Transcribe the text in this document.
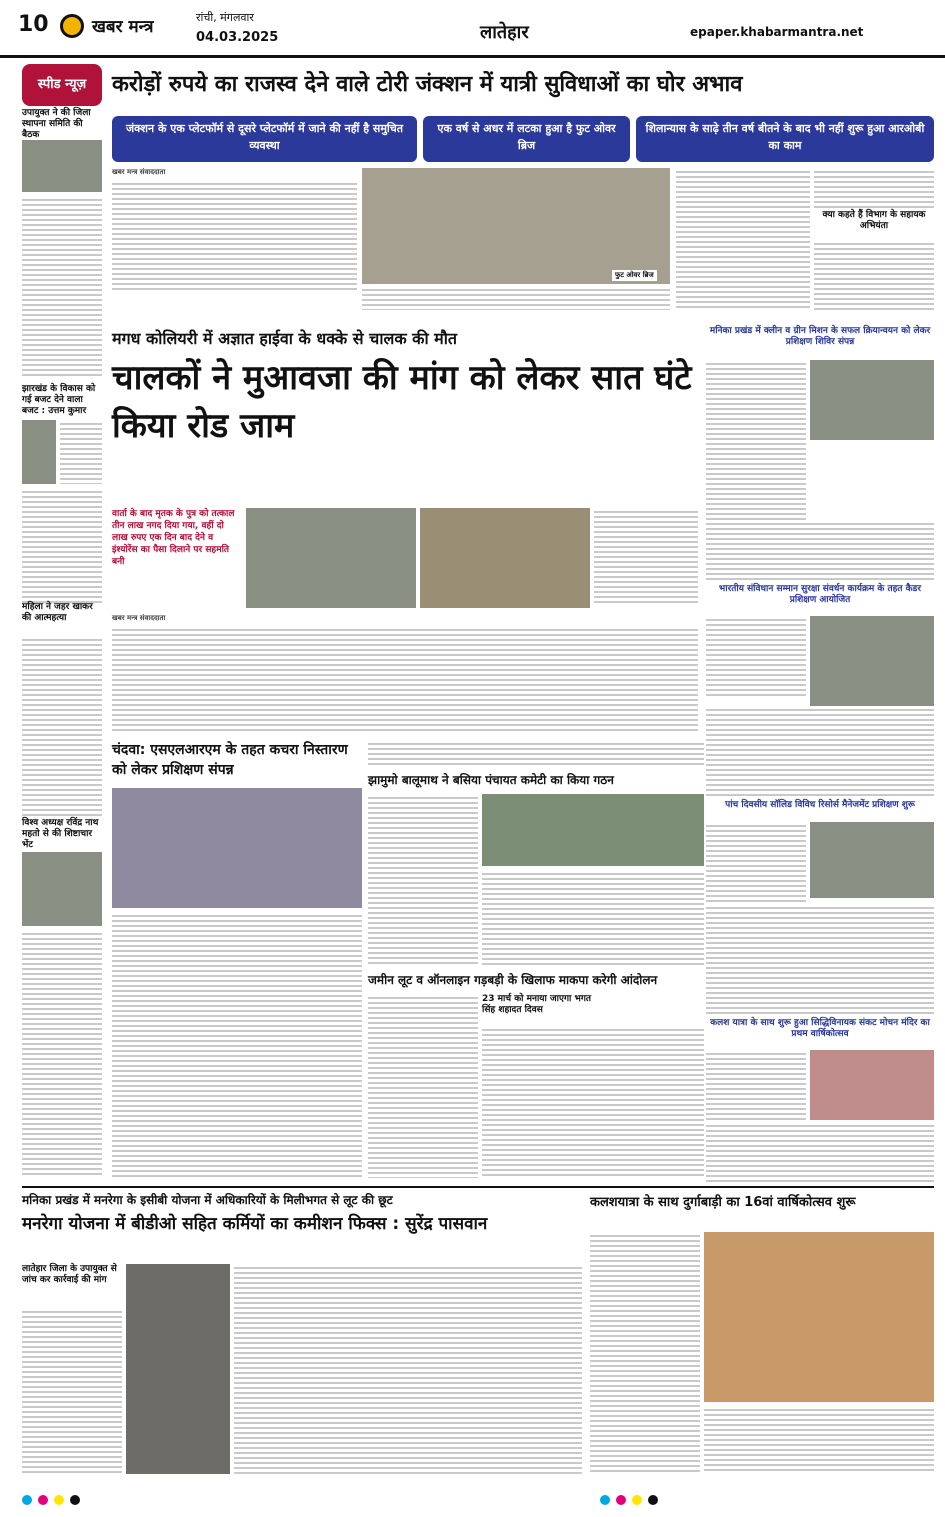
10	खबर मन्त्र	रांची, मंगलवार
04.03.2025	लातेहार	epaper.khabarmantra.net
स्पीड न्यूज़	करोड़ों रुपये का राजस्व देने वाले टोरी जंक्शन में यात्री सुविधाओं का घोर अभाव
जंक्शन के एक प्लेटफॉर्म से दूसरे प्लेटफॉर्म में जाने की नहीं है समुचित व्यवस्था
एक वर्ष से अधर में लटका हुआ है फुट ओवर ब्रिज
शिलान्यास के साढ़े तीन वर्ष बीतने के बाद भी नहीं शुरू हुआ आरओबी का काम
उपायुक्त ने की जिला स्थापना समिति की बैठक
झारखंड के विकास को गई बजट देने वाला बजट : उत्तम कुमार
महिला ने जहर खाकर की आत्महत्या
विश्व अध्यक्ष रविंद्र नाथ महतो से की शिष्टाचार भेंट
खबर मन्त्र संवाददाता
फुट ओवर ब्रिज
क्या कहते हैं विभाग के सहायक अभियंता
मगध कोलियरी में अज्ञात हाईवा के धक्के से चालक की मौत
चालकों ने मुआवजा की मांग को लेकर सात घंटे किया रोड जाम
वार्ता के बाद मृतक के पुत्र को तत्काल तीन लाख नगद दिया गया, वहीं दो लाख रुपए एक दिन बाद देने व इंश्योरेंस का पैसा दिलाने पर सहमति बनी
खबर मन्त्र संवाददाता
मनिका प्रखंड में क्लीन व ग्रीन मिशन के सफल क्रियान्वयन को लेकर प्रशिक्षण शिविर संपन्न
भारतीय संविधान सम्मान सुरक्षा संवर्धन कार्यक्रम के तहत कैडर प्रशिक्षण आयोजित
पांच दिवसीय सॉलिड विविध रिसोर्स मैनेजमेंट प्रशिक्षण शुरू
कलश यात्रा के साथ शुरू हुआ सिद्धिविनायक संकट मोचन मंदिर का प्रथम वार्षिकोत्सव
चंदवा: एसएलआरएम के तहत कचरा निस्तारण को लेकर प्रशिक्षण संपन्न
झामुमो बालूमाथ ने बसिया पंचायत कमेटी का किया गठन
जमीन लूट व ऑनलाइन गड़बड़ी के खिलाफ माकपा करेगी आंदोलन
23 मार्च को मनाया जाएगा भगत सिंह शहादत दिवस
मनिका प्रखंड में मनरेगा के इसीबी योजना में अधिकारियों के मिलीभगत से लूट की छूट
मनरेगा योजना में बीडीओ सहित कर्मियों का कमीशन फिक्स : सुरेंद्र पासवान
लातेहार जिला के उपायुक्त से जांच कर कार्रवाई की मांग
कलशयात्रा के साथ दुर्गाबाड़ी का 16वां वार्षिकोत्सव शुरू
